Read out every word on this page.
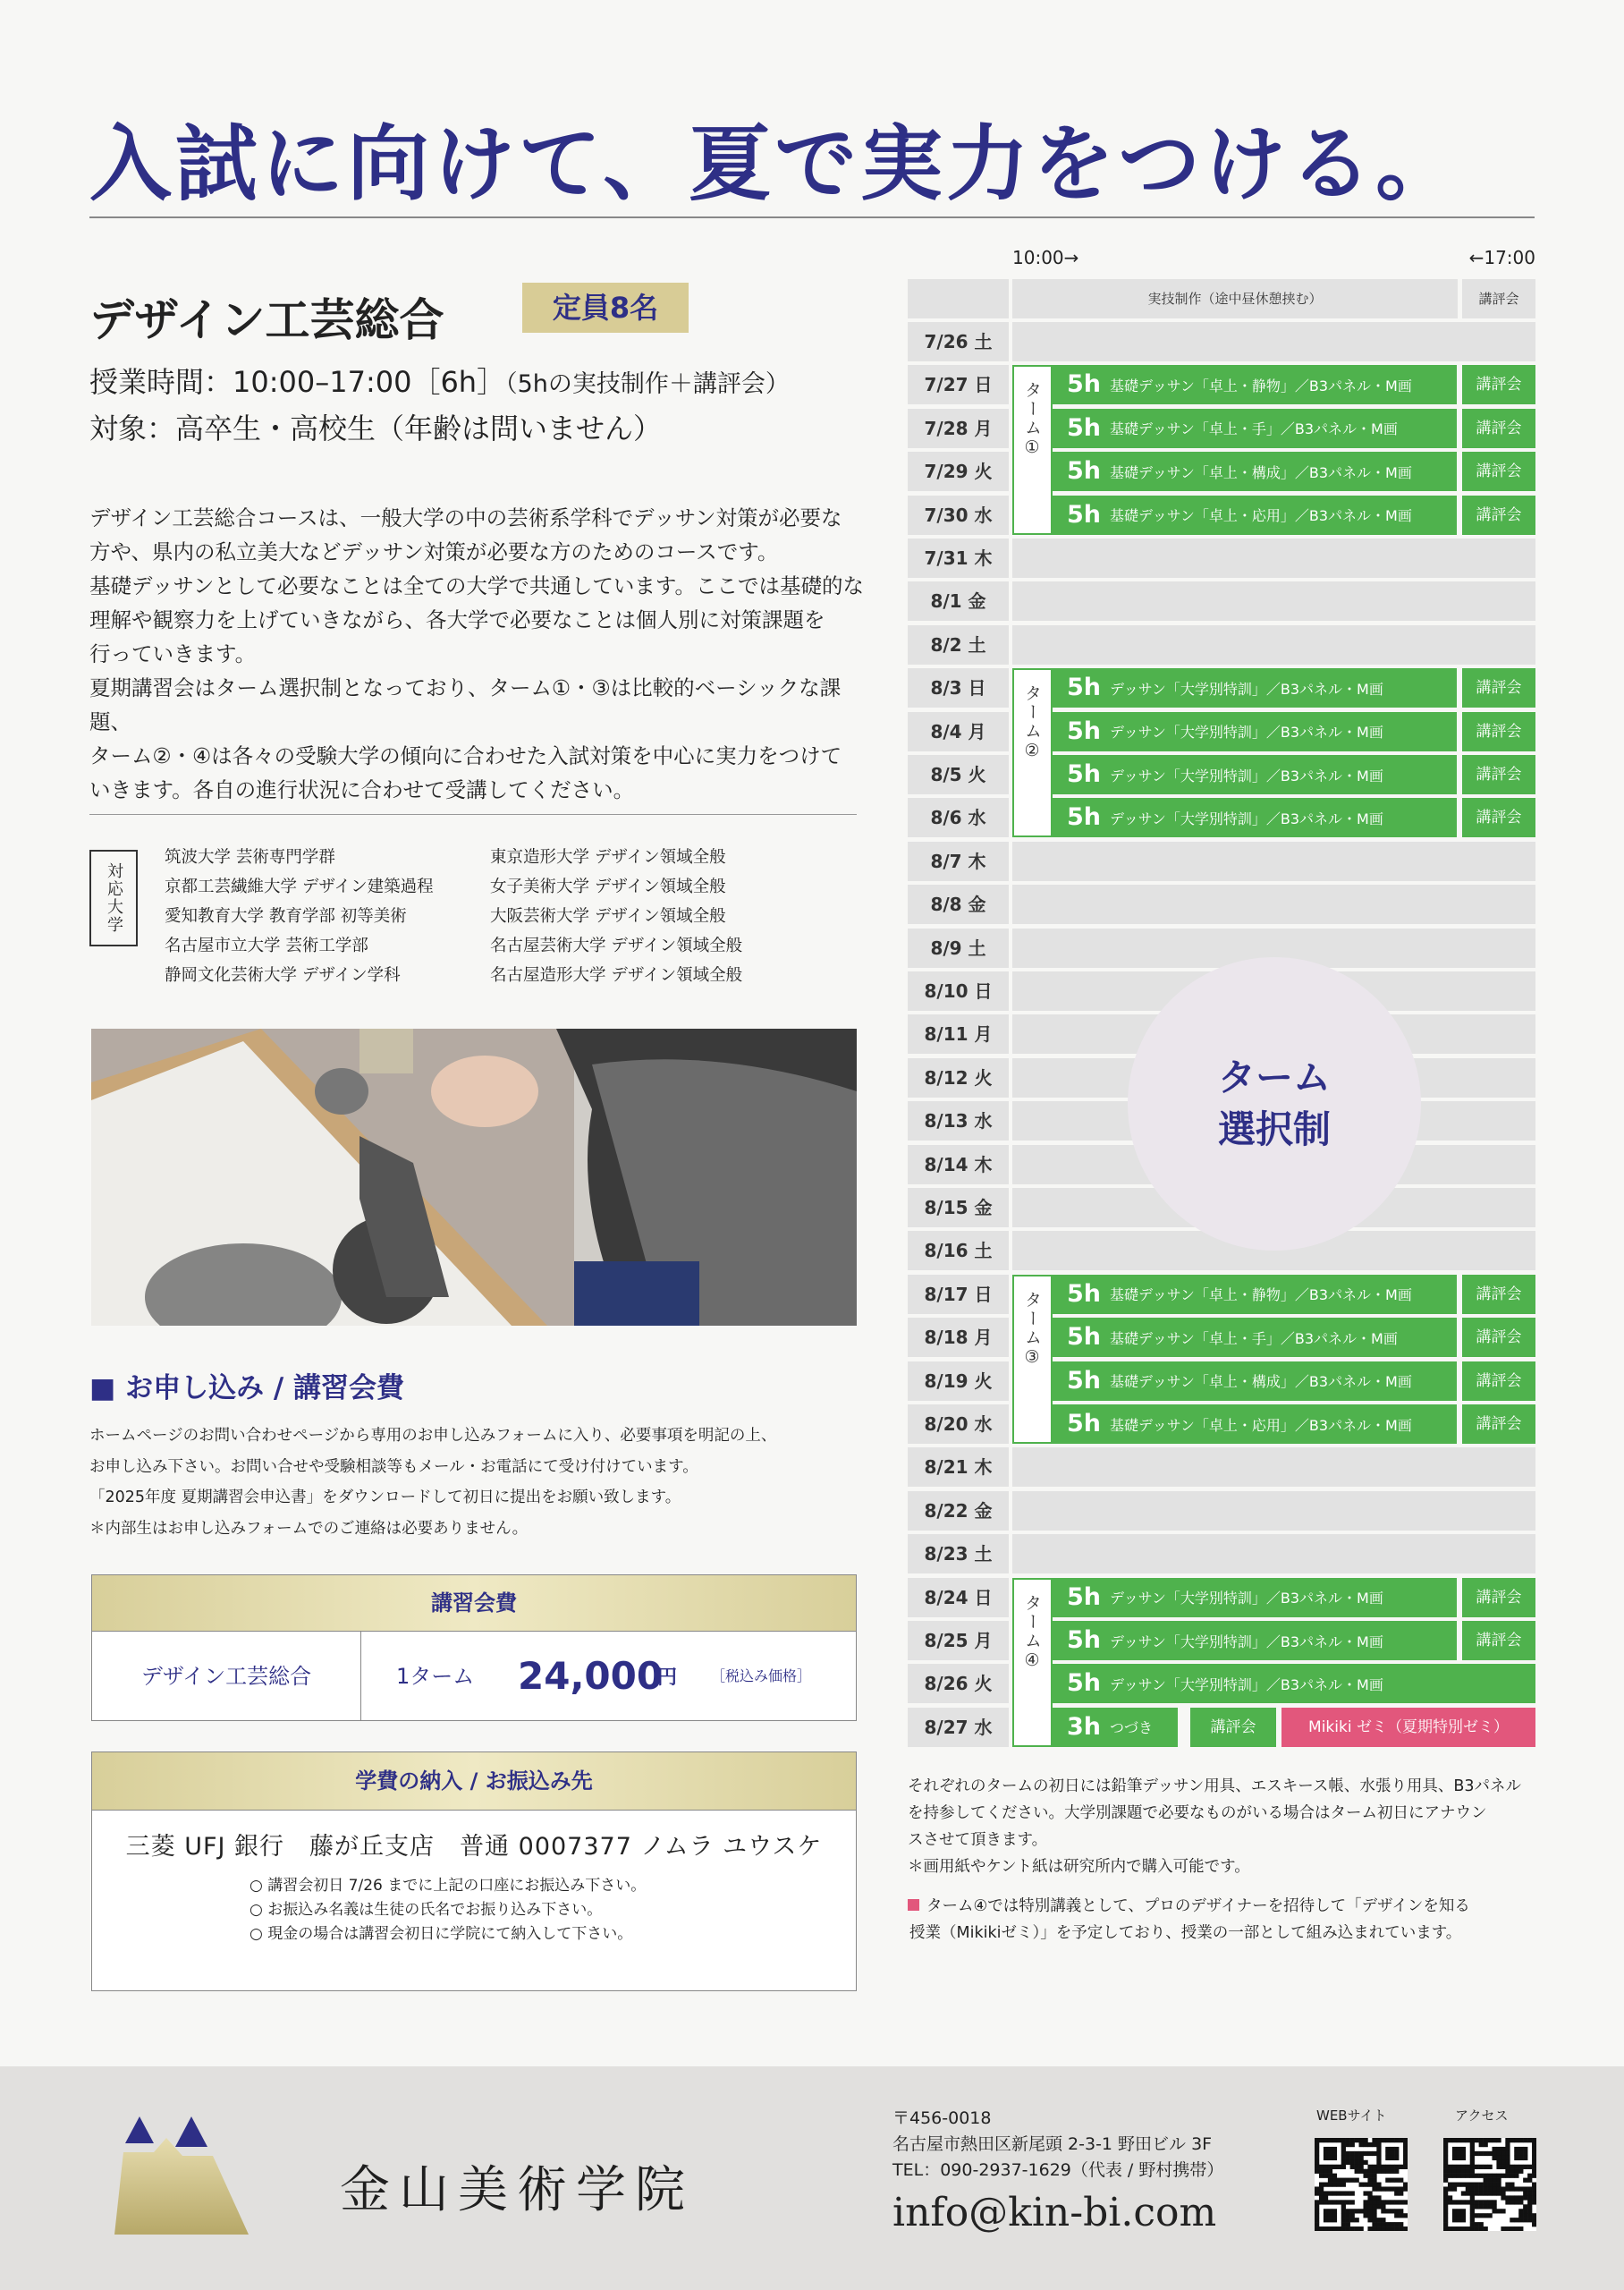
入試に向けて、夏で実力をつける。
デザイン工芸総合	定員8名
授業時間：10:00–17:00［6h］（5hの実技制作＋講評会）
対象：高卒生・高校生（年齢は問いません）

デザイン工芸総合コースは、一般大学の中の芸術系学科でデッサン対策が必要な

方や、県内の私立美大などデッサン対策が必要な方のためのコースです。

基礎デッサンとして必要なことは全ての大学で共通しています。ここでは基礎的な

理解や観察力を上げていきながら、各大学で必要なことは個人別に対策課題を

行っていきます。

夏期講習会はターム選択制となっており、ターム①・③は比較的ベーシックな課題、

ターム②・④は各々の受験大学の傾向に合わせた入試対策を中心に実力をつけて

いきます。各自の進行状況に合わせて受講してください。

対応大学
筑波大学 芸術専門学群
京都工芸繊維大学 デザイン建築過程
愛知教育大学 教育学部 初等美術
名古屋市立大学 芸術工学部
静岡文化芸術大学 デザイン学科
東京造形大学 デザイン領域全般
女子美術大学 デザイン領域全般
大阪芸術大学 デザイン領域全般
名古屋芸術大学 デザイン領域全般
名古屋造形大学 デザイン領域全般
■ お申し込み / 講習会費
ホームページのお問い合わせページから専用のお申し込みフォームに入り、必要事項を明記の上、
お申し込み下さい。お問い合せや受験相談等もメール・お電話にて受け付けています。
「2025年度 夏期講習会申込書」をダウンロードして初日に提出をお願い致します。
＊内部生はお申し込みフォームでのご連絡は必要ありません。
講習会費
デザイン工芸総合	1ターム 24,000
円 ［税込み価格］
学費の納入 / お振込み先
三菱 UFJ 銀行　藤が丘支店　普通 0007377 ノムラ ユウスケ
○ 講習会初日 7/26 までに上記の口座にお振込み下さい。
○ お振込み名義は生徒の氏名でお振り込み下さい。
○ 現金の場合は講習会初日に学院にて納入して下さい。
10:00→	←17:00
実技制作（途中昼休憩挟む）	講評会
7/26 土
7/27 日	5h 基礎デッサン「卓上・静物」／B3パネル・M画	講評会
7/28 月	5h 基礎デッサン「卓上・手」／B3パネル・M画	講評会
7/29 火	5h 基礎デッサン「卓上・構成」／B3パネル・M画	講評会
7/30 水	5h 基礎デッサン「卓上・応用」／B3パネル・M画	講評会
7/31 木
8/1 金
8/2 土
8/3 日	5h デッサン「大学別特訓」／B3パネル・M画	講評会
8/4 月	5h デッサン「大学別特訓」／B3パネル・M画	講評会
8/5 火	5h デッサン「大学別特訓」／B3パネル・M画	講評会
8/6 水	5h デッサン「大学別特訓」／B3パネル・M画	講評会
8/7 木
8/8 金
8/9 土
8/10 日
8/11 月
8/12 火
8/13 水
8/14 木
8/15 金
8/16 土
8/17 日	5h 基礎デッサン「卓上・静物」／B3パネル・M画	講評会
8/18 月	5h 基礎デッサン「卓上・手」／B3パネル・M画	講評会
8/19 火	5h 基礎デッサン「卓上・構成」／B3パネル・M画	講評会
8/20 水	5h 基礎デッサン「卓上・応用」／B3パネル・M画	講評会
8/21 木
8/22 金
8/23 土
8/24 日	5h デッサン「大学別特訓」／B3パネル・M画	講評会
8/25 月	5h デッサン「大学別特訓」／B3パネル・M画	講評会
8/26 火	5h デッサン「大学別特訓」／B3パネル・M画
8/27 水	3h つづき	講評会	Mikiki ゼミ（夏期特別ゼミ）
ターム①
ターム②
ターム③
ターム④
ターム
選択制

それぞれのタームの初日には鉛筆デッサン用具、エスキース帳、水張り用具、B3パネル

を持参してください。大学別課題で必要なものがいる場合はターム初日にアナウン

スさせて頂きます。

＊画用紙やケント紙は研究所内で購入可能です。

ターム④では特別講義として、プロのデザイナーを招待して「デザインを知る

授業（Mikikiゼミ）」を予定しており、授業の一部として組み込まれています。

金山美術学院
〒456-0018
名古屋市熱田区新尾頭 2-3-1 野田ビル 3F
TEL：090-2937-1629（代表 / 野村携帯）
info@kin-bi.com
WEBサイト	アクセス
